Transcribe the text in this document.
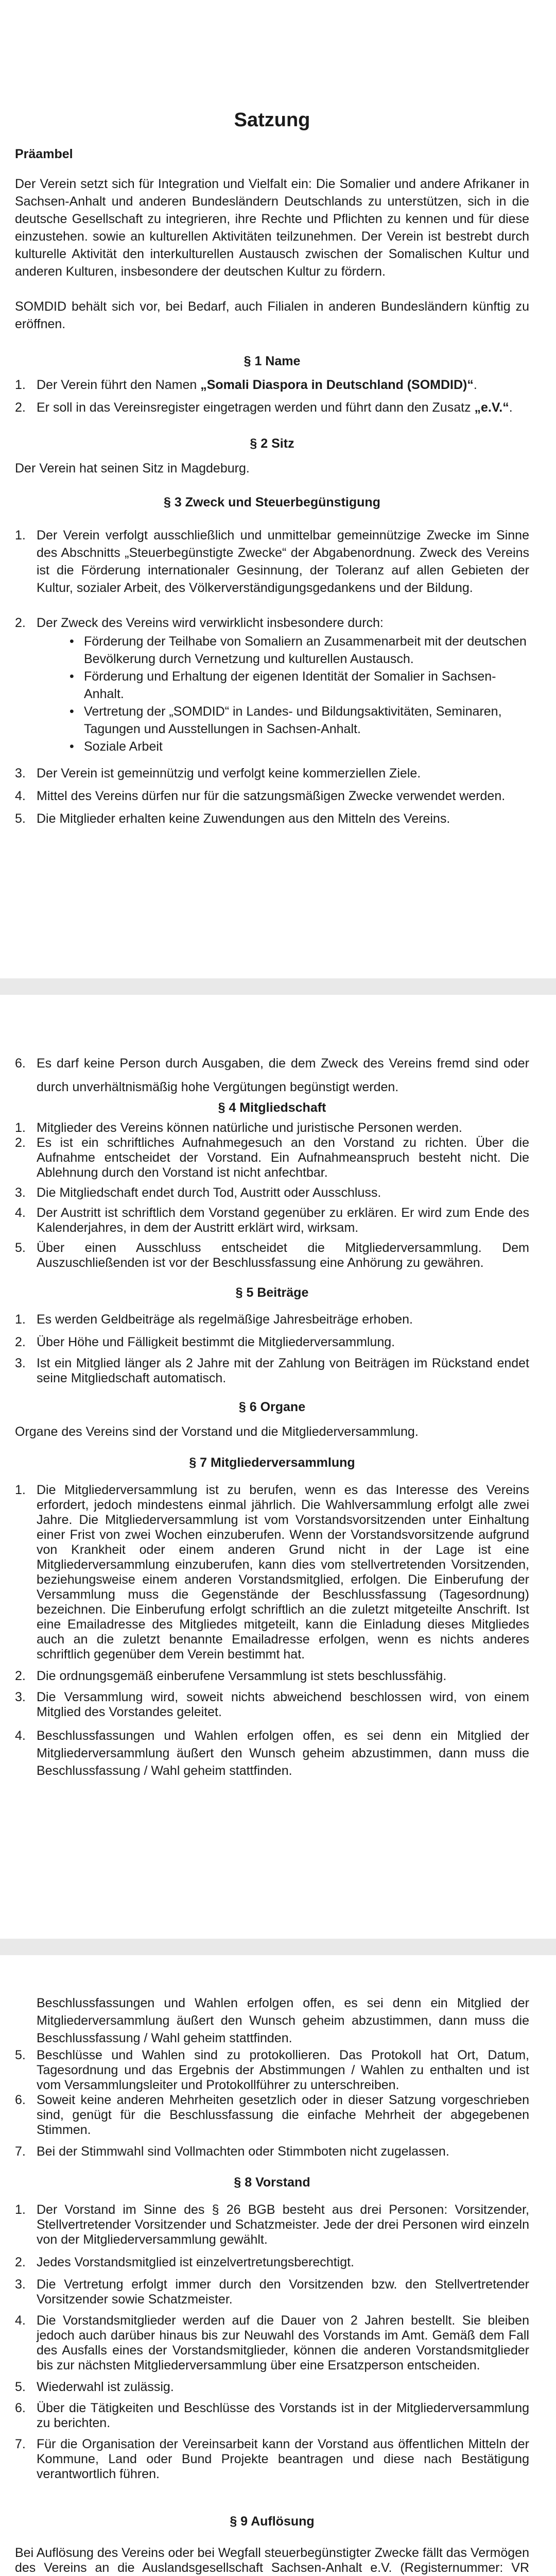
Satzung

Präambel

Der Verein setzt sich für Integration und Vielfalt ein: Die Somalier und andere Afrikaner in Sachsen-Anhalt und anderen Bundesländern Deutschlands zu unterstützen, sich in die deutsche Gesellschaft zu integrieren, ihre Rechte und Pflichten zu kennen und für diese einzustehen. sowie an kulturellen Aktivitäten teilzunehmen. Der Verein ist bestrebt durch kulturelle Aktivität den interkulturellen Austausch zwischen der Somalischen Kultur und anderen Kulturen, insbesondere der deutschen Kultur zu fördern.

SOMDID behält sich vor, bei Bedarf, auch Filialen in anderen Bundesländern künftig zu eröffnen.

§ 1 Name
1. Der Verein führt den Namen „Somali Diaspora in Deutschland (SOMDID)“.
2. Er soll in das Vereinsregister eingetragen werden und führt dann den Zusatz „e.V.“.
§ 2 Sitz

Der Verein hat seinen Sitz in Magdeburg.

§ 3 Zweck und Steuerbegünstigung
1. Der Verein verfolgt ausschließlich und unmittelbar gemeinnützige Zwecke im Sinne des Abschnitts „Steuerbegünstigte Zwecke“ der Abgabenordnung. Zweck des Vereins ist die Förderung internationaler Gesinnung, der Toleranz auf allen Gebieten der Kultur, sozialer Arbeit, des Völkerverständigungsgedankens und der Bildung.
2. Der Zweck des Vereins wird verwirklicht insbesondere durch:
• Förderung der Teilhabe von Somaliern an Zusammenarbeit mit der deutschen Bevölkerung durch Vernetzung und kulturellen Austausch.
• Förderung und Erhaltung der eigenen Identität der Somalier in Sachsen-Anhalt.
• Vertretung der „SOMDID“ in Landes- und Bildungsaktivitäten, Seminaren, Tagungen und Ausstellungen in Sachsen-Anhalt.
• Soziale Arbeit
3. Der Verein ist gemeinnützig und verfolgt keine kommerziellen Ziele.
4. Mittel des Vereins dürfen nur für die satzungsmäßigen Zwecke verwendet werden.
5. Die Mitglieder erhalten keine Zuwendungen aus den Mitteln des Vereins.
6. Es darf keine Person durch Ausgaben, die dem Zweck des Vereins fremd sind oder durch unverhältnismäßig hohe Vergütungen begünstigt werden.
§ 4 Mitgliedschaft
1. Mitglieder des Vereins können natürliche und juristische Personen werden.
2. Es ist ein schriftliches Aufnahmegesuch an den Vorstand zu richten. Über die Aufnahme entscheidet der Vorstand. Ein Aufnahmeanspruch besteht nicht. Die Ablehnung durch den Vorstand ist nicht anfechtbar.
3. Die Mitgliedschaft endet durch Tod, Austritt oder Ausschluss.
4. Der Austritt ist schriftlich dem Vorstand gegenüber zu erklären. Er wird zum Ende des Kalenderjahres, in dem der Austritt erklärt wird, wirksam.
5. Über einen Ausschluss entscheidet die Mitgliederversammlung. Dem Auszuschließenden ist vor der Beschlussfassung eine Anhörung zu gewähren.
§ 5 Beiträge
1. Es werden Geldbeiträge als regelmäßige Jahresbeiträge erhoben.
2. Über Höhe und Fälligkeit bestimmt die Mitgliederversammlung.
3. Ist ein Mitglied länger als 2 Jahre mit der Zahlung von Beiträgen im Rückstand endet seine Mitgliedschaft automatisch.
§ 6 Organe

Organe des Vereins sind der Vorstand und die Mitgliederversammlung.

§ 7 Mitgliederversammlung
1. Die Mitgliederversammlung ist zu berufen, wenn es das Interesse des Vereins erfordert, jedoch mindestens einmal jährlich. Die Wahlversammlung erfolgt alle zwei Jahre. Die Mitgliederversammlung ist vom Vorstandsvorsitzenden unter Einhaltung einer Frist von zwei Wochen einzuberufen. Wenn der Vorstandsvorsitzende aufgrund von Krankheit oder einem anderen Grund nicht in der Lage ist eine Mitgliederversammlung einzuberufen, kann dies vom stellvertretenden Vorsitzenden, beziehungsweise einem anderen Vorstandsmitglied, erfolgen. Die Einberufung der Versammlung muss die Gegenstände der Beschlussfassung (Tagesordnung) bezeichnen. Die Einberufung erfolgt schriftlich an die zuletzt mitgeteilte Anschrift. Ist eine Emailadresse des Mitgliedes mitgeteilt, kann die Einladung dieses Mitgliedes auch an die zuletzt benannte Emailadresse erfolgen, wenn es nichts anderes schriftlich gegenüber dem Verein bestimmt hat.
2. Die ordnungsgemäß einberufene Versammlung ist stets beschlussfähig.
3. Die Versammlung wird, soweit nichts abweichend beschlossen wird, von einem Mitglied des Vorstandes geleitet.
4. Beschlussfassungen und Wahlen erfolgen offen, es sei denn ein Mitglied der Mitgliederversammlung äußert den Wunsch geheim abzustimmen, dann muss die Beschlussfassung / Wahl geheim stattfinden.
Beschlussfassungen und Wahlen erfolgen offen, es sei denn ein Mitglied der Mitgliederversammlung äußert den Wunsch geheim abzustimmen, dann muss die Beschlussfassung / Wahl geheim stattfinden.
5. Beschlüsse und Wahlen sind zu protokollieren. Das Protokoll hat Ort, Datum, Tagesordnung und das Ergebnis der Abstimmungen / Wahlen zu enthalten und ist vom Versammlungsleiter und Protokollführer zu unterschreiben.
6. Soweit keine anderen Mehrheiten gesetzlich oder in dieser Satzung vorgeschrieben sind, genügt für die Beschlussfassung die einfache Mehrheit der abgegebenen Stimmen.
7. Bei der Stimmwahl sind Vollmachten oder Stimmboten nicht zugelassen.
§ 8 Vorstand
1. Der Vorstand im Sinne des § 26 BGB besteht aus drei Personen: Vorsitzender, Stellvertretender Vorsitzender und Schatzmeister. Jede der drei Personen wird einzeln von der Mitgliederversammlung gewählt.
2. Jedes Vorstandsmitglied ist einzelvertretungsberechtigt.
3. Die Vertretung erfolgt immer durch den Vorsitzenden bzw. den Stellvertretender Vorsitzender sowie Schatzmeister.
4. Die Vorstandsmitglieder werden auf die Dauer von 2 Jahren bestellt. Sie bleiben jedoch auch darüber hinaus bis zur Neuwahl des Vorstands im Amt. Gemäß dem Fall des Ausfalls eines der Vorstandsmitglieder, können die anderen Vorstandsmitglieder bis zur nächsten Mitgliederversammlung über eine Ersatzperson entscheiden.
5. Wiederwahl ist zulässig.
6. Über die Tätigkeiten und Beschlüsse des Vorstands ist in der Mitgliederversammlung zu berichten.
7. Für die Organisation der Vereinsarbeit kann der Vorstand aus öffentlichen Mitteln der Kommune, Land oder Bund Projekte beantragen und diese nach Bestätigung verantwortlich führen.
§ 9 Auflösung

Bei Auflösung des Vereins oder bei Wegfall steuerbegünstigter Zwecke fällt das Vermögen des Vereins an die Auslandsgesellschaft Sachsen-Anhalt e.V. (Registernummer: VR
